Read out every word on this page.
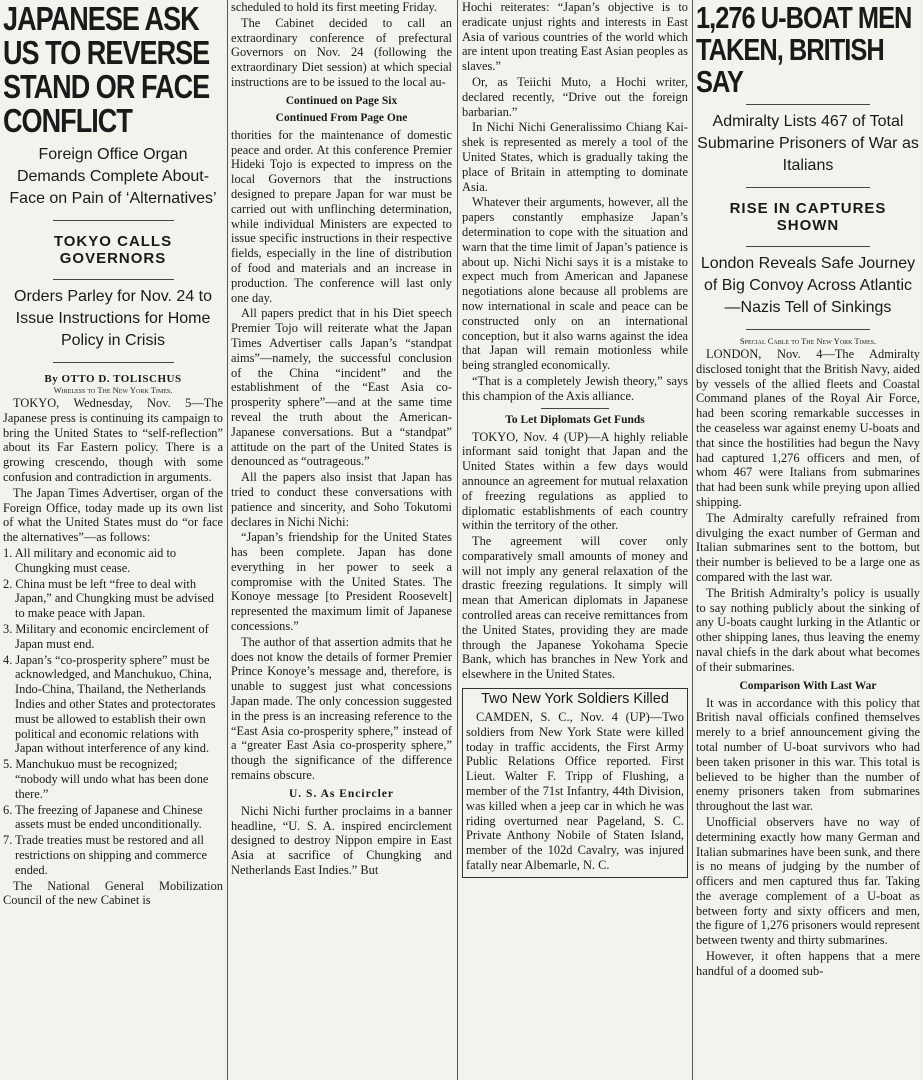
JAPANESE ASK US TO REVERSE STAND OR FACE CONFLICT
Foreign Office Organ Demands Complete About-Face on Pain of ‘Alternatives’
TOKYO CALLS GOVERNORS
Orders Parley for Nov. 24 to Issue Instructions for Home Policy in Crisis
By OTTO D. TOLISCHUS
Wireless to The New York Times.

TOKYO, Wednesday, Nov. 5—The Japanese press is continuing its campaign to bring the United States to “self-reflection” about its Far Eastern policy. There is a growing crescendo, though with some confusion and contradiction in arguments.

The Japan Times Advertiser, organ of the Foreign Office, today made up its own list of what the United States must do “or face the alternatives”—as follows:

1. All military and economic aid to Chungking must cease.

2. China must be left “free to deal with Japan,” and Chungking must be advised to make peace with Japan.

3. Military and economic encirclement of Japan must end.

4. Japan’s “co-prosperity sphere” must be acknowledged, and Manchukuo, China, Indo-China, Thailand, the Netherlands Indies and other States and protectorates must be allowed to establish their own political and economic relations with Japan without interference of any kind.

5. Manchukuo must be recognized; “nobody will undo what has been done there.”

6. The freezing of Japanese and Chinese assets must be ended unconditionally.

7. Trade treaties must be restored and all restrictions on shipping and commerce ended.

The National General Mobilization Council of the new Cabinet is

scheduled to hold its first meeting Friday.

The Cabinet decided to call an extraordinary conference of prefectural Governors on Nov. 24 (following the extraordinary Diet session) at which special instructions are to be issued to the local au-

Continued on Page Six
Continued From Page One

thorities for the maintenance of domestic peace and order. At this conference Premier Hideki Tojo is expected to impress on the local Governors that the instructions designed to prepare Japan for war must be carried out with unflinching determination, while individual Ministers are expected to issue specific instructions in their respective fields, especially in the line of distribution of food and materials and an increase in production. The conference will last only one day.

All papers predict that in his Diet speech Premier Tojo will reiterate what the Japan Times Advertiser calls Japan’s “standpat aims”—namely, the successful conclusion of the China “incident” and the establishment of the “East Asia co-prosperity sphere”—and at the same time reveal the truth about the American-Japanese conversations. But a “standpat” attitude on the part of the United States is denounced as “outrageous.”

All the papers also insist that Japan has tried to conduct these conversations with patience and sincerity, and Soho Tokutomi declares in Nichi Nichi:

“Japan’s friendship for the United States has been complete. Japan has done everything in her power to seek a compromise with the United States. The Konoye message [to President Roosevelt] represented the maximum limit of Japanese concessions.”

The author of that assertion admits that he does not know the details of former Premier Prince Konoye’s message and, therefore, is unable to suggest just what concessions Japan made. The only concession suggested in the press is an increasing reference to the “East Asia co-prosperity sphere,” instead of a “greater East Asia co-prosperity sphere,” though the significance of the difference remains obscure.

U. S. As Encircler

Nichi Nichi further proclaims in a banner headline, “U. S. A. inspired encirclement designed to destroy Nippon empire in East Asia at sacrifice of Chungking and Netherlands East Indies.” But

Hochi reiterates: “Japan’s objective is to eradicate unjust rights and interests in East Asia of various countries of the world which are intent upon treating East Asian peoples as slaves.”

Or, as Teiichi Muto, a Hochi writer, declared recently, “Drive out the foreign barbarian.”

In Nichi Nichi Generalissimo Chiang Kai-shek is represented as merely a tool of the United States, which is gradually taking the place of Britain in attempting to dominate Asia.

Whatever their arguments, however, all the papers constantly emphasize Japan’s determination to cope with the situation and warn that the time limit of Japan’s patience is about up. Nichi Nichi says it is a mistake to expect much from American and Japanese negotiations alone because all problems are now international in scale and peace can be constructed only on an international conception, but it also warns against the idea that Japan will remain motionless while being strangled economically.

“That is a completely Jewish theory,” says this champion of the Axis alliance.

To Let Diplomats Get Funds

TOKYO, Nov. 4 (UP)—A highly reliable informant said tonight that Japan and the United States within a few days would announce an agreement for mutual relaxation of freezing regulations as applied to diplomatic establishments of each country within the territory of the other.

The agreement will cover only comparatively small amounts of money and will not imply any general relaxation of the drastic freezing regulations. It simply will mean that American diplomats in Japanese controlled areas can receive remittances from the United States, providing they are made through the Japanese Yokohama Specie Bank, which has branches in New York and elsewhere in the United States.

Two New York Soldiers Killed

CAMDEN, S. C., Nov. 4 (UP)—Two soldiers from New York State were killed today in traffic accidents, the First Army Public Relations Office reported. First Lieut. Walter F. Tripp of Flushing, a member of the 71st Infantry, 44th Division, was killed when a jeep car in which he was riding overturned near Pageland, S. C. Private Anthony Nobile of Staten Island, member of the 102d Cavalry, was injured fatally near Albemarle, N. C.

1,276 U-BOAT MEN TAKEN, BRITISH SAY
Admiralty Lists 467 of Total Submarine Prisoners of War as Italians
RISE IN CAPTURES SHOWN
London Reveals Safe Journey of Big Convoy Across Atlantic —Nazis Tell of Sinkings
Special Cable to The New York Times.

LONDON, Nov. 4—The Admiralty disclosed tonight that the British Navy, aided by vessels of the allied fleets and Coastal Command planes of the Royal Air Force, had been scoring remarkable successes in the ceaseless war against enemy U-boats and that since the hostilities had begun the Navy had captured 1,276 officers and men, of whom 467 were Italians from submarines that had been sunk while preying upon allied shipping.

The Admiralty carefully refrained from divulging the exact number of German and Italian submarines sent to the bottom, but their number is believed to be a large one as compared with the last war.

The British Admiralty’s policy is usually to say nothing publicly about the sinking of any U-boats caught lurking in the Atlantic or other shipping lanes, thus leaving the enemy naval chiefs in the dark about what becomes of their submarines.

Comparison With Last War

It was in accordance with this policy that British naval officials confined themselves merely to a brief announcement giving the total number of U-boat survivors who had been taken prisoner in this war. This total is believed to be higher than the number of enemy prisoners taken from submarines throughout the last war.

Unofficial observers have no way of determining exactly how many German and Italian submarines have been sunk, and there is no means of judging by the number of officers and men captured thus far. Taking the average complement of a U-boat as between forty and sixty officers and men, the figure of 1,276 prisoners would represent between twenty and thirty submarines.

However, it often happens that a mere handful of a doomed sub-
